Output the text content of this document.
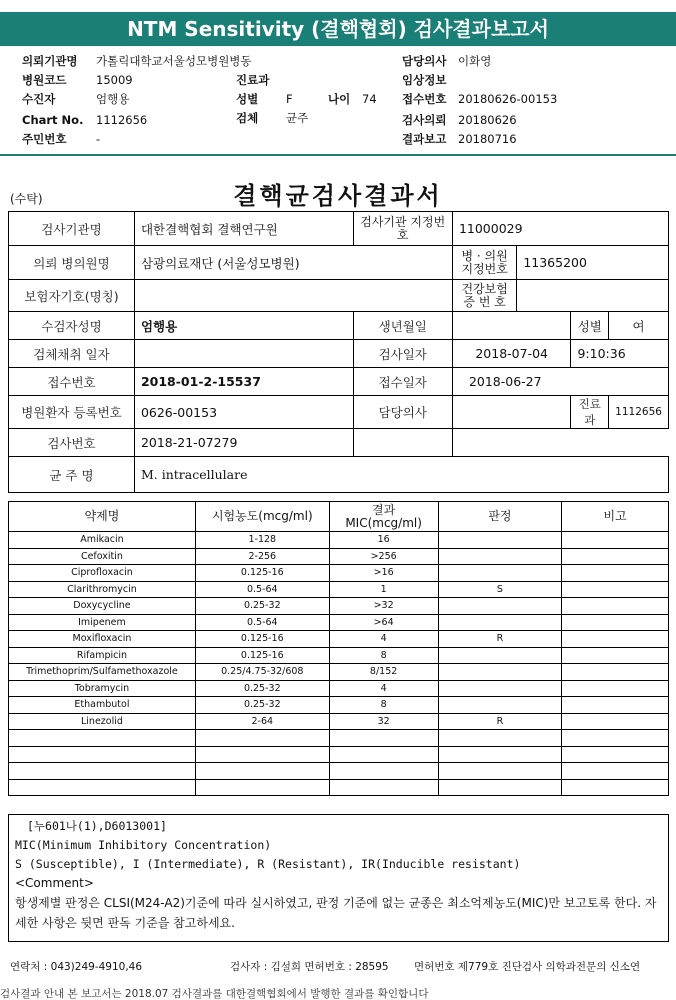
NTM Sensitivity (결핵협회) 검사결과보고서
의뢰기관명 가톨릭대학교서울성모병원병동
병원코드	15009
수진자	엄행용
Chart No. 1112656
주민번호	-
진료과
성별 F	나이 74
검체 균주
담당의사 이화영
임상정보
접수번호 20180626-00153
검사의뢰 20180626
결과보고 20180716
(수탁)	결핵균검사결과서
검사기관명	대한결핵협회 결핵연구원	검사기관 지정번호	11000029			
의뢰 병의원명	삼광의료재단 (서울성모병원)		병 · 의원 지정번호	11365200		
보험자기호(명칭)			건강보험 증 번 호			
수검자성명	엄행용	생년월일			성별	여
검체채취 일자		검사일자	2018-07-04		9:10:36	
접수번호	2018-01-2-15537	접수일자	2018-06-27			
병원환자 등록번호	0626-00153	담당의사			진료과	1112656
검사번호	2018-21-07279					
균 주 명	M. intracellulare					
약제명	시험농도(mcg/ml)	결과 MIC(mcg/ml)	판정	비고
Amikacin	1-128	16		
Cefoxitin	2-256	>256		
Ciprofloxacin	0.125-16	>16		
Clarithromycin	0.5-64	1	S	
Doxycycline	0.25-32	>32		
Imipenem	0.5-64	>64		
Moxifloxacin	0.125-16	4	R	
Rifampicin	0.125-16	8		
Trimethoprim/Sulfamethoxazole	0.25/4.75-32/608	8/152		
Tobramycin	0.25-32	4		
Ethambutol	0.25-32	8		
Linezolid	2-64	32	R	

[누601나(1),D6013001]
MIC(Minimum Inhibitory Concentration)
S (Susceptible), I (Intermediate), R (Resistant), IR(Inducible resistant)
<Comment>
항생제별 판정은 CLSI(M24-A2)기준에 따라 실시하였고, 판정 기준에 없는 균종은 최소억제농도(MIC)만 보고토록 한다. 자세한 사항은 뒷면 판독 기준을 참고하세요.
연락처 : 043)249-4910,46	검사자 : 김설희 면허번호 : 28595 면허번호 제779호 진단검사 의학과전문의 신소연
검사결과 안내 본 보고서는 2018.07 검사결과를 대한결핵협회에서 발행한 결과를 확인합니다
